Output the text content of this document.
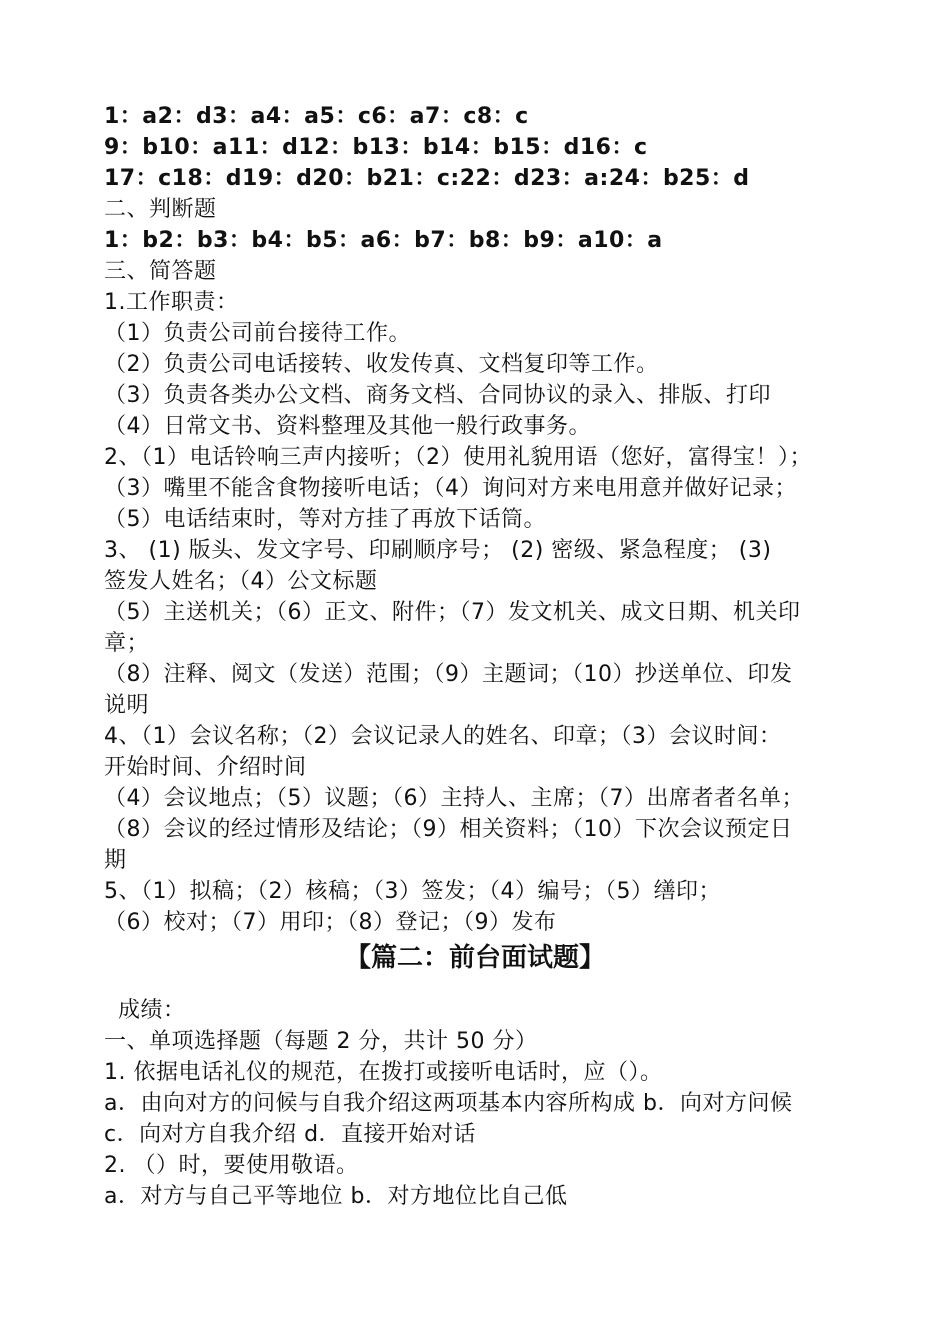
1：a2：d3：a4：a5：c6：a7：c8：c
9：b10：a11：d12：b13：b14：b15：d16：c
17：c18：d19：d20：b21：c:22：d23：a:24：b25：d
二、判断题
1：b2：b3：b4：b5：a6：b7：b8：b9：a10：a
三、简答题
1.工作职责：
（1）负责公司前台接待工作。
（2）负责公司电话接转、收发传真、文档复印等工作。
（3）负责各类办公文档、商务文档、合同协议的录入、排版、打印
（4）日常文书、资料整理及其他一般行政事务。
2、（1）电话铃响三声内接听；（2）使用礼貌用语（您好，富得宝！）；
（3）嘴里不能含食物接听电话；（4）询问对方来电用意并做好记录；
（5）电话结束时，等对方挂了再放下话筒。
3、 (1) 版头、发文字号、印刷顺序号； (2) 密级、紧急程度； (3)
签发人姓名；（4）公文标题
（5）主送机关；（6）正文、附件；（7）发文机关、成文日期、机关印
章；
（8）注释、阅文（发送）范围；（9）主题词；（10）抄送单位、印发
说明
4、（1）会议名称；（2）会议记录人的姓名、印章；（3）会议时间：
开始时间、介绍时间
（4）会议地点；（5）议题；（6）主持人、主席；（7）出席者者名单；
（8）会议的经过情形及结论；（9）相关资料；（10）下次会议预定日
期
5、（1）拟稿；（2）核稿；（3）签发；（4）编号；（5）缮印；
（6）校对；（7）用印；（8）登记；（9）发布
【篇二：前台面试题】
成绩：
一、单项选择题（每题 2 分，共计 50 分）
1. 依据电话礼仪的规范，在拨打或接听电话时，应（）。
a．由向对方的问候与自我介绍这两项基本内容所构成 b．向对方问候
c．向对方自我介绍 d．直接开始对话
2. （）时，要使用敬语。
a．对方与自己平等地位 b．对方地位比自己低
